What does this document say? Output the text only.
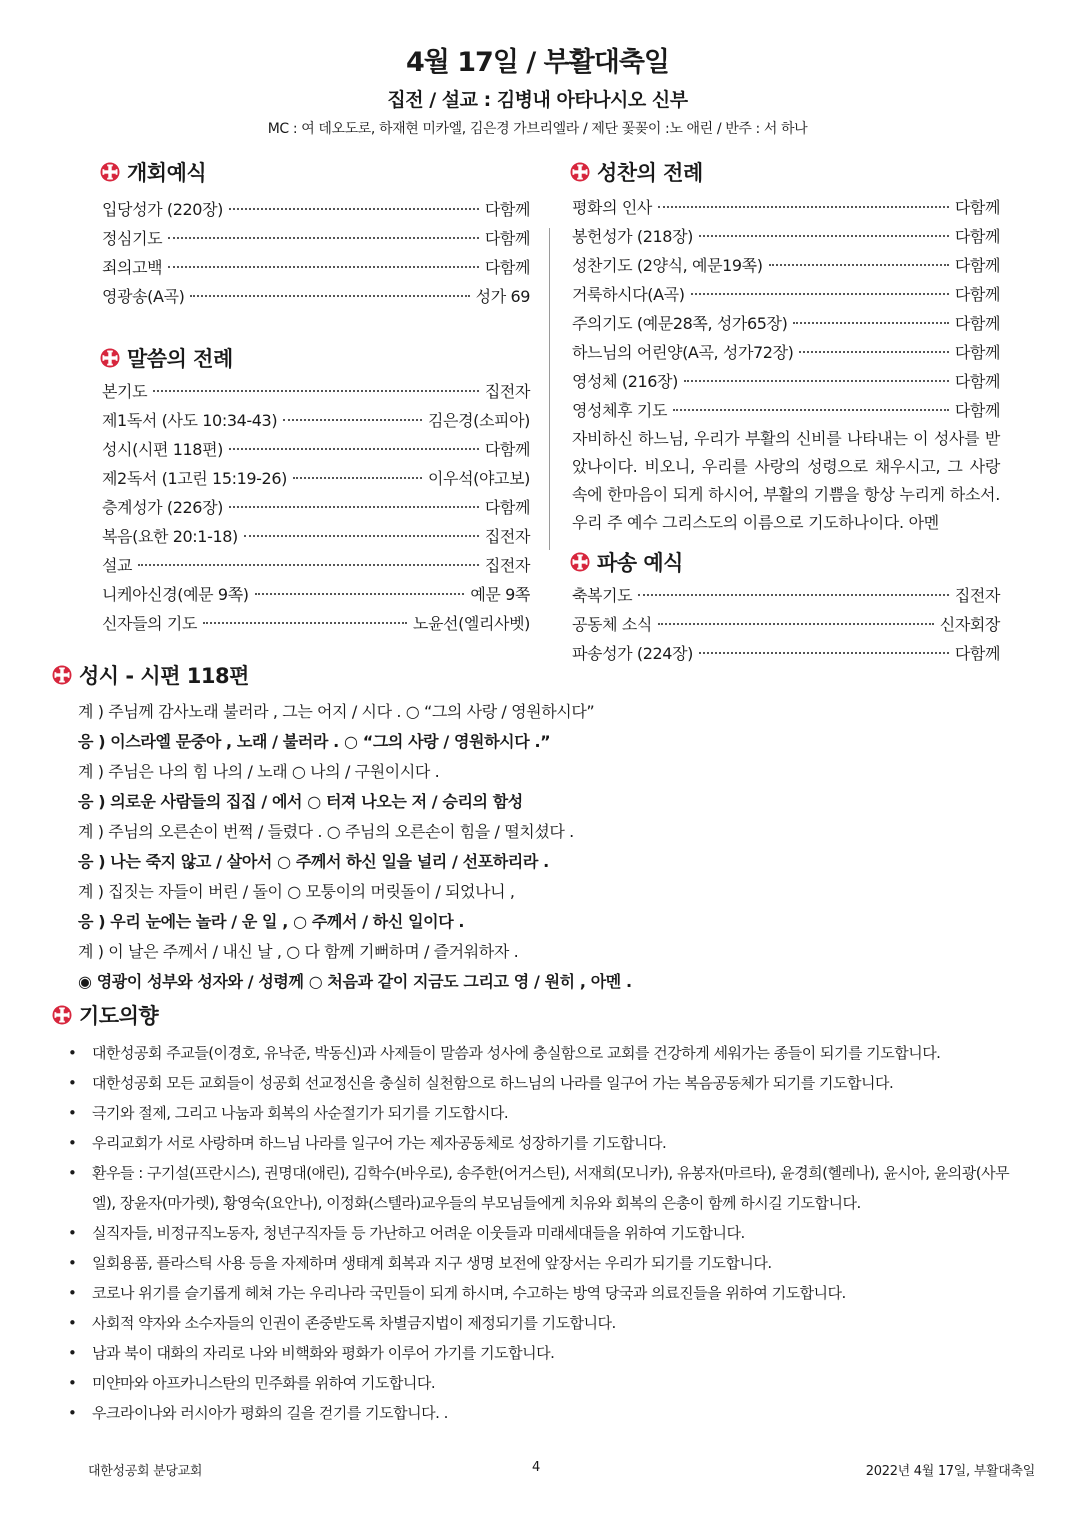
4월 17일 / 부활대축일
집전 / 설교 : 김병내 아타나시오 신부
MC : 여 데오도로, 하재현 미카엘, 김은경 가브리엘라 / 제단 꽃꽂이 :노 애린 / 반주 : 서 하나
개회예식
입당성가 (220장)	다함께
정심기도	다함께
죄의고백	다함께
영광송(A곡)	성가 69
말씀의 전례
본기도	집전자
제1독서 (사도 10:34-43)	김은경(소피아)
성시(시편 118편)	다함께
제2독서 (1고린 15:19-26)	이우석(야고보)
층계성가 (226장)	다함께
복음(요한 20:1-18)	집전자
설교	집전자
니케아신경(예문 9쪽)	예문 9쪽
신자들의 기도	노윤선(엘리사벳)
성찬의 전례
평화의 인사	다함께
봉헌성가 (218장)	다함께
성찬기도 (2양식, 예문19쪽)	다함께
거룩하시다(A곡)	다함께
주의기도 (예문28쪽, 성가65장)	다함께
하느님의 어린양(A곡, 성가72장)	다함께
영성체 (216장)	다함께
영성체후 기도	다함께
자비하신 하느님, 우리가 부활의 신비를 나타내는 이 성사를 받았나이다. 비오니, 우리를 사랑의 성령으로 채우시고, 그 사랑 속에 한마음이 되게 하시어, 부활의 기쁨을 항상 누리게 하소서. 우리 주 예수 그리스도의 이름으로 기도하나이다. 아멘
파송 예식
축복기도	집전자
공동체 소식	신자회장
파송성가 (224장)	다함께
성시 - 시편 118편
계 ) 주님께 감사노래 불러라 , 그는 어지 / 시다 . ○ “그의 사랑 / 영원하시다”
응 ) 이스라엘 문중아 , 노래 / 불러라 . ○ “그의 사랑 / 영원하시다 .”
계 ) 주님은 나의 힘 나의 / 노래 ○ 나의 / 구원이시다 .
응 ) 의로운 사람들의 집집 / 에서 ○ 터져 나오는 저 / 승리의 함성
계 ) 주님의 오른손이 번쩍 / 들렸다 . ○ 주님의 오른손이 힘을 / 떨치셨다 .
응 ) 나는 죽지 않고 / 살아서 ○ 주께서 하신 일을 널리 / 선포하리라 .
계 ) 집짓는 자들이 버린 / 돌이 ○ 모퉁이의 머릿돌이 / 되었나니 ,
응 ) 우리 눈에는 놀라 / 운 일 , ○ 주께서 / 하신 일이다 .
계 ) 이 날은 주께서 / 내신 날 , ○ 다 함께 기뻐하며 / 즐거워하자 .
◉ 영광이 성부와 성자와 / 성령께 ○ 처음과 같이 지금도 그리고 영 / 원히 , 아멘 .
기도의향
• 대한성공회 주교들(이경호, 유낙준, 박동신)과 사제들이 말씀과 성사에 충실함으로 교회를 건강하게 세워가는 종들이 되기를 기도합니다.
• 대한성공회 모든 교회들이 성공회 선교정신을 충실히 실천함으로 하느님의 나라를 일구어 가는 복음공동체가 되기를 기도합니다.
• 극기와 절제, 그리고 나눔과 회복의 사순절기가 되기를 기도합시다.
• 우리교회가 서로 사랑하며 하느님 나라를 일구어 가는 제자공동체로 성장하기를 기도합니다.
• 환우들 : 구기설(프란시스), 권명대(애린), 김학수(바우로), 송주한(어거스틴), 서재희(모니카), 유봉자(마르타), 윤경희(헬레나), 윤시아, 윤의광(사무엘), 장윤자(마가렛), 황영숙(요안나), 이정화(스텔라)교우들의 부모님들에게 치유와 회복의 은총이 함께 하시길 기도합니다.
• 실직자들, 비정규직노동자, 청년구직자들 등 가난하고 어려운 이웃들과 미래세대들을 위하여 기도합니다.
• 일회용품, 플라스틱 사용 등을 자제하며 생태계 회복과 지구 생명 보전에 앞장서는 우리가 되기를 기도합니다.
• 코로나 위기를 슬기롭게 헤쳐 가는 우리나라 국민들이 되게 하시며, 수고하는 방역 당국과 의료진들을 위하여 기도합니다.
• 사회적 약자와 소수자들의 인권이 존중받도록 차별금지법이 제정되기를 기도합니다.
• 남과 북이 대화의 자리로 나와 비핵화와 평화가 이루어 가기를 기도합니다.
• 미얀마와 아프카니스탄의 민주화를 위하여 기도합니다.
• 우크라이나와 러시아가 평화의 길을 걷기를 기도합니다. .
대한성공회 분당교회	4	2022년 4월 17일, 부활대축일
